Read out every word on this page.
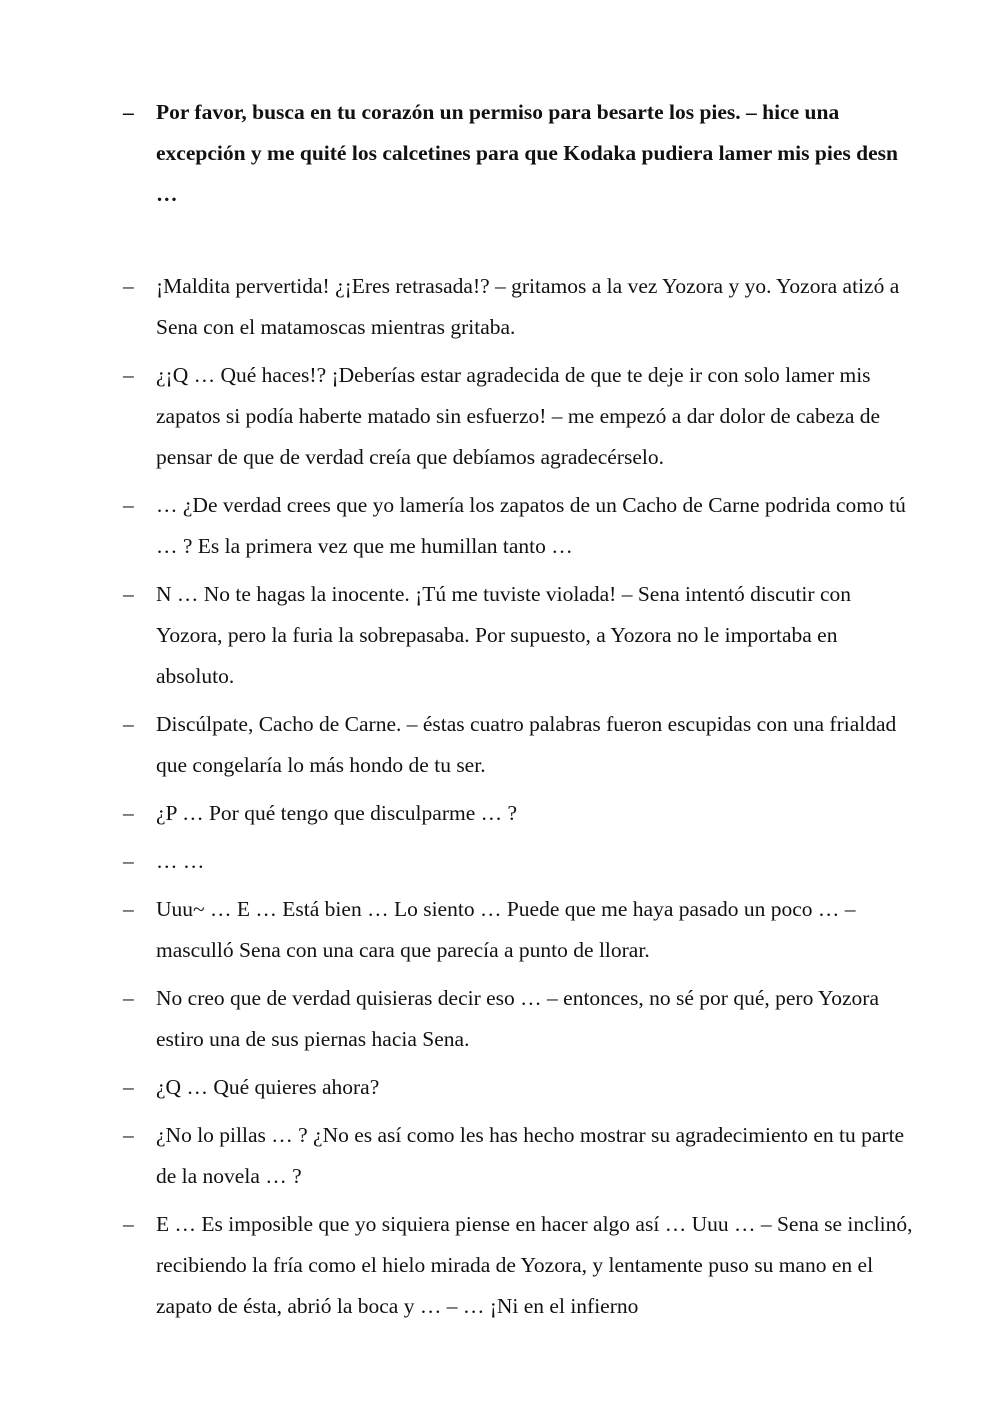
– Por favor, busca en tu corazón un permiso para besarte los pies. – hice una excepción y me quité los calcetines para que Kodaka pudiera lamer mis pies desn …
– ¡Maldita pervertida! ¿¡Eres retrasada!? – gritamos a la vez Yozora y yo. Yozora atizó a Sena con el matamoscas mientras gritaba.
– ¿¡Q … Qué haces!? ¡Deberías estar agradecida de que te deje ir con solo lamer mis zapatos si podía haberte matado sin esfuerzo! – me empezó a dar dolor de cabeza de pensar de que de verdad creía que debíamos agradecérselo.
– … ¿De verdad crees que yo lamería los zapatos de un Cacho de Carne podrida como tú … ? Es la primera vez que me humillan tanto …
– N … No te hagas la inocente. ¡Tú me tuviste violada! – Sena intentó discutir con Yozora, pero la furia la sobrepasaba. Por supuesto, a Yozora no le importaba en absoluto.
– Discúlpate, Cacho de Carne. – éstas cuatro palabras fueron escupidas con una frialdad que congelaría lo más hondo de tu ser.
– ¿P … Por qué tengo que disculparme … ?
– … …
– Uuu~ … E … Está bien … Lo siento … Puede que me haya pasado un poco … – masculló Sena con una cara que parecía a punto de llorar.
– No creo que de verdad quisieras decir eso … – entonces, no sé por qué, pero Yozora estiro una de sus piernas hacia Sena.
– ¿Q … Qué quieres ahora?
– ¿No lo pillas … ? ¿No es así como les has hecho mostrar su agradecimiento en tu parte de la novela … ?
– E … Es imposible que yo siquiera piense en hacer algo así … Uuu … – Sena se inclinó, recibiendo la fría como el hielo mirada de Yozora, y lentamente puso su mano en el zapato de ésta, abrió la boca y … – … ¡Ni en el infierno
